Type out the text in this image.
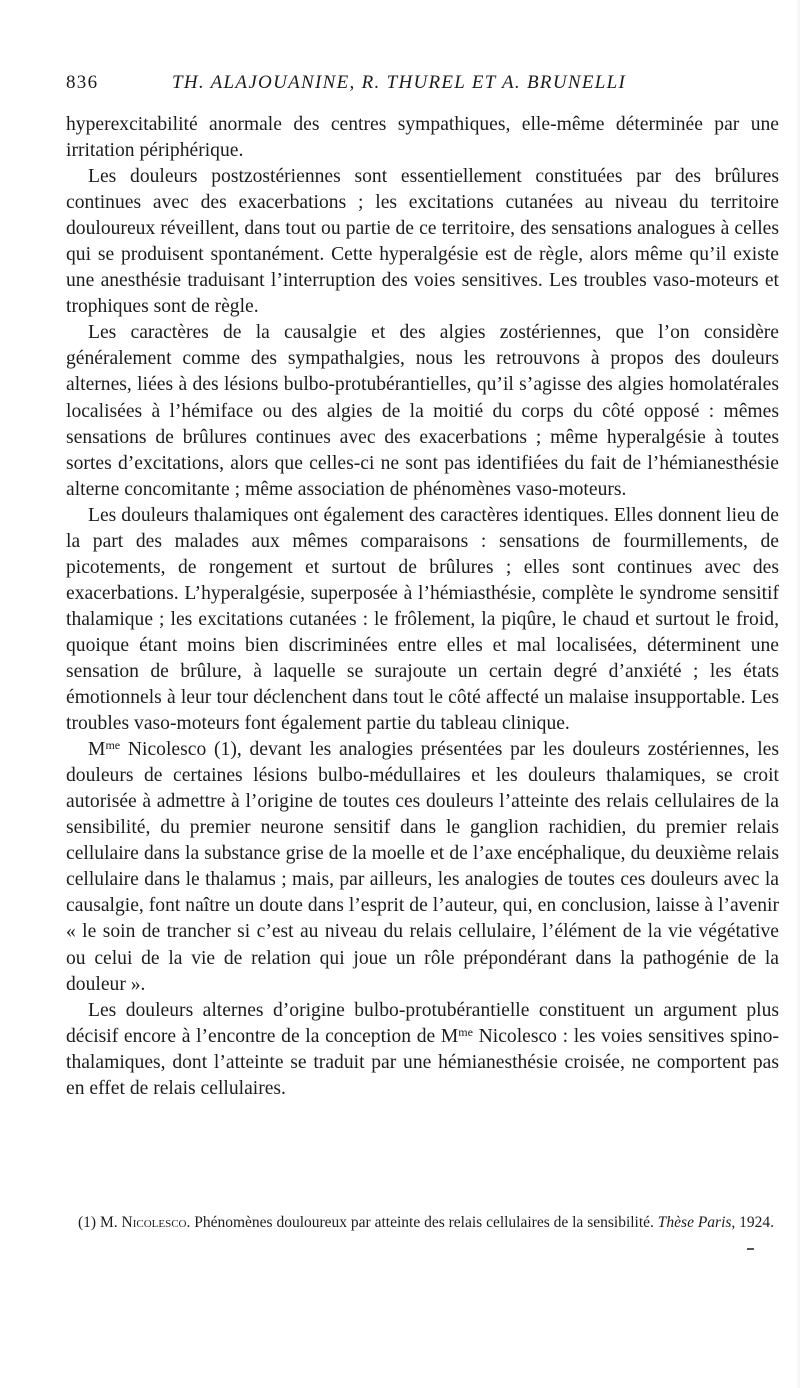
836	TH. ALAJOUANINE, R. THUREL ET A. BRUNELLI

hyperexcitabilité anormale des centres sympathiques, elle-même déterminée par une irritation périphérique.

Les douleurs postzostériennes sont essentiellement constituées par des brûlures continues avec des exacerbations ; les excitations cutanées au niveau du territoire douloureux réveillent, dans tout ou partie de ce territoire, des sensations analogues à celles qui se produisent spontanément. Cette hyperalgésie est de règle, alors même qu’il existe une anesthésie traduisant l’interruption des voies sensitives. Les troubles vaso-moteurs et trophiques sont de règle.

Les caractères de la causalgie et des algies zostériennes, que l’on considère généralement comme des sympathalgies, nous les retrouvons à propos des douleurs alternes, liées à des lésions bulbo-protubérantielles, qu’il s’agisse des algies homolatérales localisées à l’hémiface ou des algies de la moitié du corps du côté opposé : mêmes sensations de brûlures continues avec des exacerbations ; même hyperalgésie à toutes sortes d’excitations, alors que celles-ci ne sont pas identifiées du fait de l’hémianesthésie alterne concomitante ; même association de phénomènes vaso-moteurs.

Les douleurs thalamiques ont également des caractères identiques. Elles donnent lieu de la part des malades aux mêmes comparaisons : sensations de fourmillements, de picotements, de rongement et surtout de brûlures ; elles sont continues avec des exacerbations. L’hyperalgésie, superposée à l’hémiasthésie, complète le syndrome sensitif thalamique ; les excitations cutanées : le frôlement, la piqûre, le chaud et surtout le froid, quoique étant moins bien discriminées entre elles et mal localisées, déterminent une sensation de brûlure, à laquelle se surajoute un certain degré d’anxiété ; les états émotionnels à leur tour déclenchent dans tout le côté affecté un malaise insupportable. Les troubles vaso-moteurs font également partie du tableau clinique.

$M^{me}$ Nicolesco (1), devant les analogies présentées par les douleurs zostériennes, les douleurs de certaines lésions bulbo-médullaires et les douleurs thalamiques, se croit autorisée à admettre à l’origine de toutes ces douleurs l’atteinte des relais cellulaires de la sensibilité, du premier neurone sensitif dans le ganglion rachidien, du premier relais cellulaire dans la substance grise de la moelle et de l’axe encéphalique, du deuxième relais cellulaire dans le thalamus ; mais, par ailleurs, les analogies de toutes ces douleurs avec la causalgie, font naître un doute dans l’esprit de l’auteur, qui, en conclusion, laisse à l’avenir « le soin de trancher si c’est au niveau du relais cellulaire, l’élément de la vie végétative ou celui de la vie de relation qui joue un rôle prépondérant dans la pathogénie de la douleur ».

Les douleurs alternes d’origine bulbo-protubérantielle constituent un argument plus décisif encore à l’encontre de la conception de $M^{me}$ Nicolesco : les voies sensitives spino-thalamiques, dont l’atteinte se traduit par une hémianesthésie croisée, ne comportent pas en effet de relais cellulaires.

(1) M. Nicolesco. Phénomènes douloureux par atteinte des relais cellulaires de la sensibilité. Thèse Paris, 1924.
